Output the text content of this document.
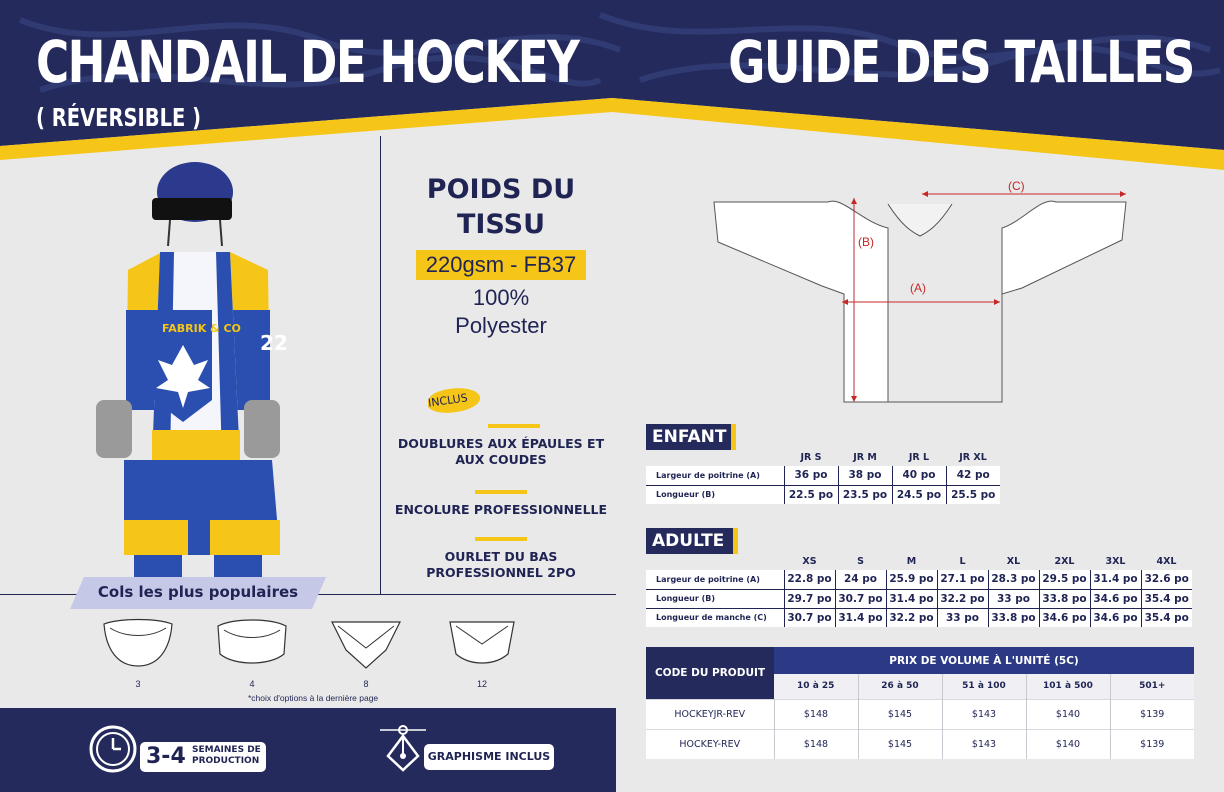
CHANDAIL DE HOCKEY
( RÉVERSIBLE )
GUIDE DES TAILLES
FABRIK & CO
22
POIDS DU TISSU
220gsm - FB37
100%
Polyester
INCLUS
DOUBLURES AUX ÉPAULES ET AUX COUDES
ENCOLURE PROFESSIONNELLE
OURLET DU BAS PROFESSIONNEL 2PO
Cols les plus populaires
3	4	8	12
*choix d'options à la dernière page
3-4 SEMAINES DE
PRODUCTION	GRAPHISME INCLUS
(C)
(B)
(A)
ENFANT
	JR S	JR M	JR L	JR XL
Largeur de poitrine (A)	36 po	38 po	40 po	42 po
Longueur (B)	22.5 po	23.5 po	24.5 po	25.5 po
ADULTE
	XS	S	M	L	XL	2XL	3XL	4XL
Largeur de poitrine (A)	22.8 po	24 po	25.9 po	27.1 po	28.3 po	29.5 po	31.4 po	32.6 po
Longueur (B)	29.7 po	30.7 po	31.4 po	32.2 po	33 po	33.8 po	34.6 po	35.4 po
Longueur de manche (C)	30.7 po	31.4 po	32.2 po	33 po	33.8 po	34.6 po	34.6 po	35.4 po
CODE DU PRODUIT	PRIX DE VOLUME À L'UNITÉ (5C)				
	10 à 25	26 à 50	51 à 100	101 à 500	501+
HOCKEYJR-REV	$148	$145	$143	$140	$139
HOCKEY-REV	$148	$145	$143	$140	$139
